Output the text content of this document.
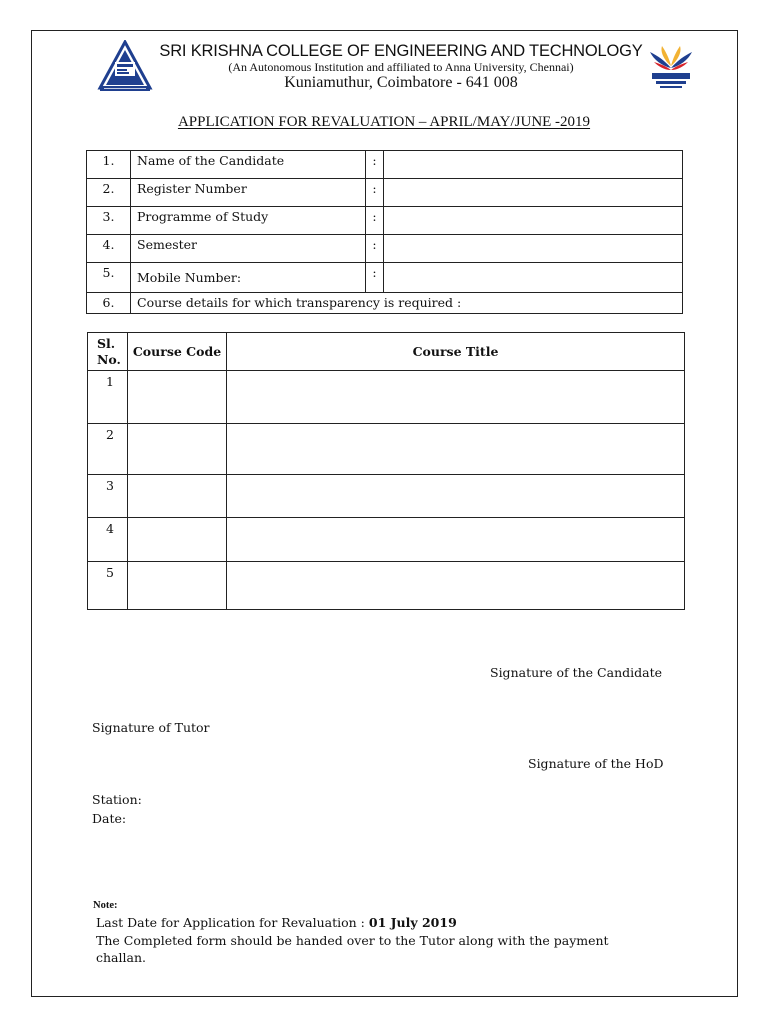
SRI KRISHNA COLLEGE OF ENGINEERING AND TECHNOLOGY
(An Autonomous Institution and affiliated to Anna University, Chennai)
Kuniamuthur, Coimbatore - 641 008
APPLICATION FOR REVALUATION – APRIL/MAY/JUNE -2019
1.	Name of the Candidate	:	
2.	Register Number	:	
3.	Programme of Study	:	
4.	Semester	:	
5.	Mobile Number:	:	
6.	Course details for which transparency is required :		
Sl. No.	Course Code	Course Title
1		
2		
3		
4		
5		
Signature of the Candidate
Signature of Tutor
Signature of the HoD
Station:
Date:
Note:
Last Date for Application for Revaluation : 01 July 2019
The Completed form should be handed over to the Tutor along with the payment challan.
